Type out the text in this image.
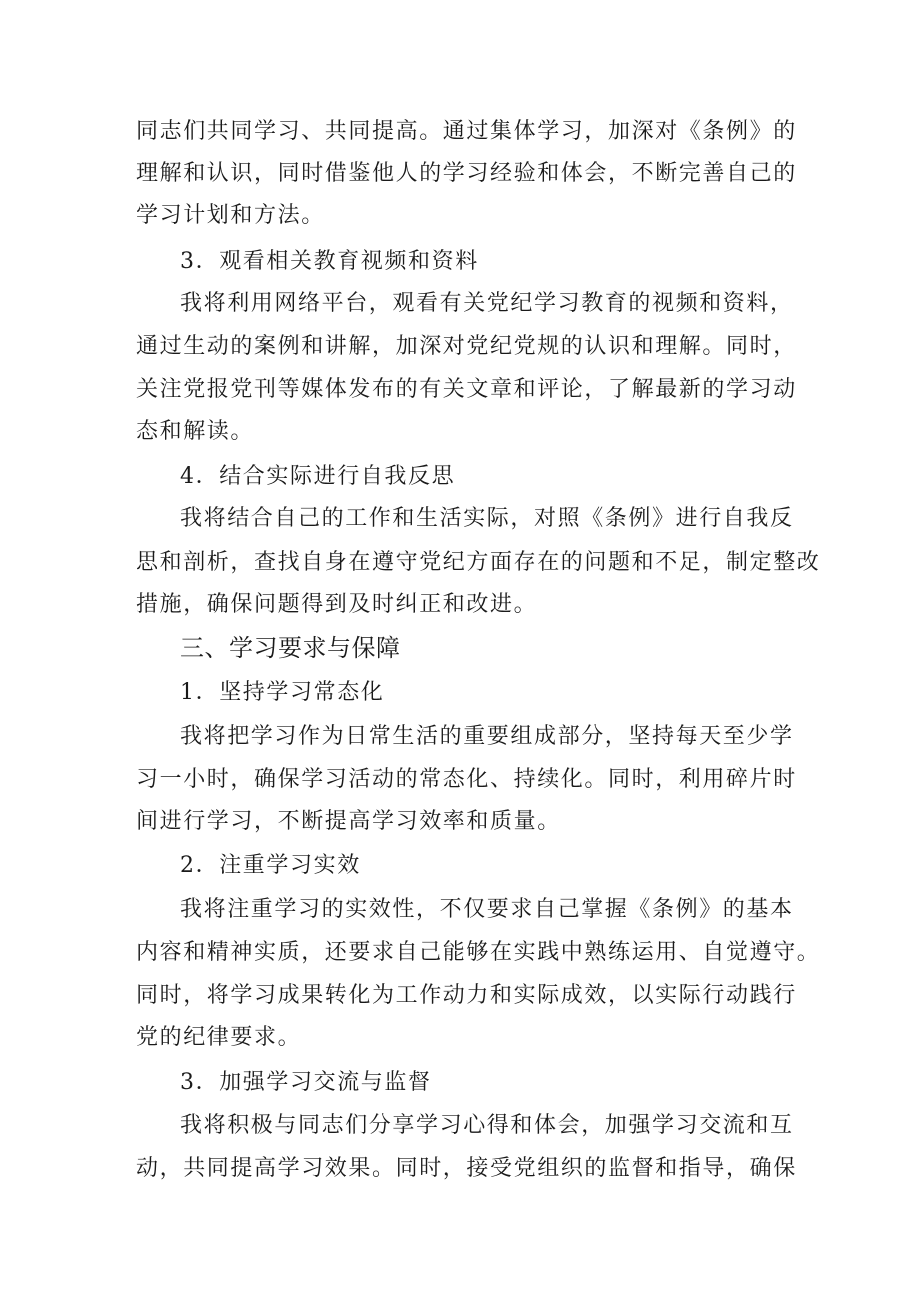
同志们共同学习、共同提高。通过集体学习，加深对《条例》的
理解和认识，同时借鉴他人的学习经验和体会，不断完善自己的
学习计划和方法。
3．观看相关教育视频和资料
我将利用网络平台，观看有关党纪学习教育的视频和资料，
通过生动的案例和讲解，加深对党纪党规的认识和理解。同时，
关注党报党刊等媒体发布的有关文章和评论，了解最新的学习动
态和解读。
4．结合实际进行自我反思
我将结合自己的工作和生活实际，对照《条例》进行自我反
思和剖析，查找自身在遵守党纪方面存在的问题和不足，制定整改
措施，确保问题得到及时纠正和改进。
三、学习要求与保障
1．坚持学习常态化
我将把学习作为日常生活的重要组成部分，坚持每天至少学
习一小时，确保学习活动的常态化、持续化。同时，利用碎片时
间进行学习，不断提高学习效率和质量。
2．注重学习实效
我将注重学习的实效性，不仅要求自己掌握《条例》的基本
内容和精神实质，还要求自己能够在实践中熟练运用、自觉遵守。
同时，将学习成果转化为工作动力和实际成效，以实际行动践行
党的纪律要求。
3．加强学习交流与监督
我将积极与同志们分享学习心得和体会，加强学习交流和互
动，共同提高学习效果。同时，接受党组织的监督和指导，确保
